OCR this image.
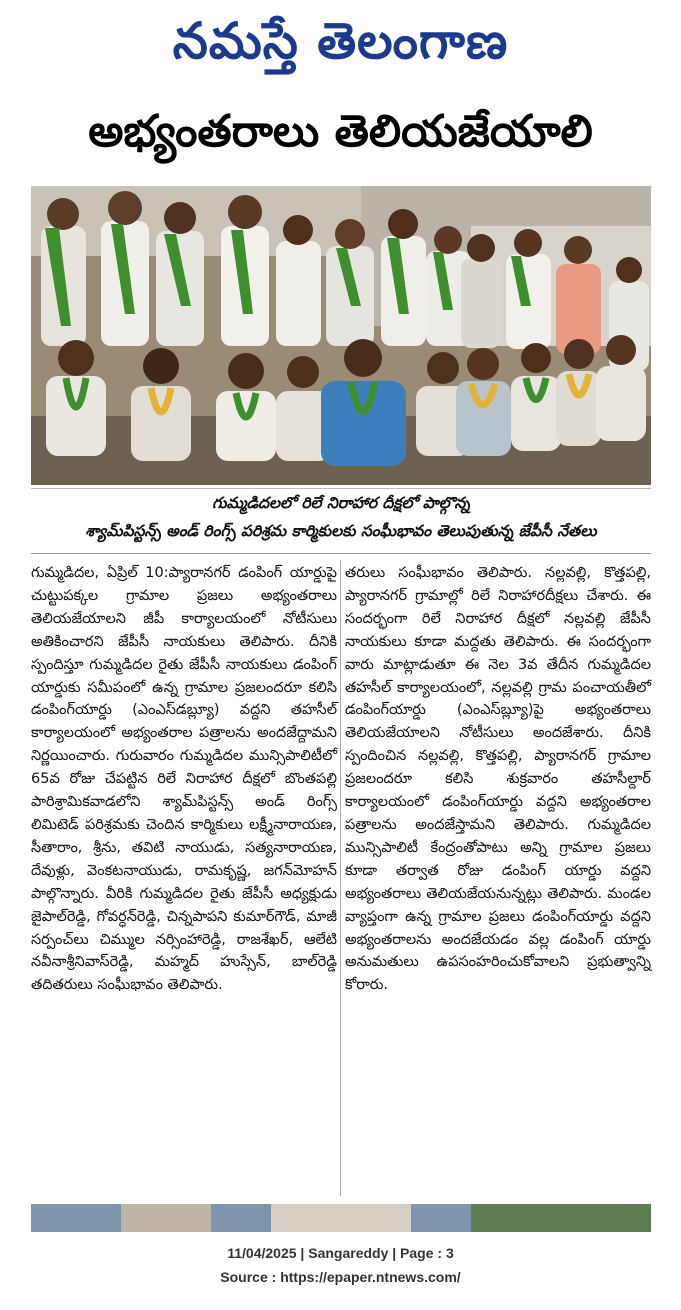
నమస్తే తెలంగాణ
అభ్యంతరాలు తెలియజేయాలి
గుమ్మడిదలలో రిలే నిరాహార దీక్షలో పాల్గొన్న
శ్యామ్‌పిస్టన్స్ అండ్ రింగ్స్ పరిశ్రమ కార్మికులకు సంఘీభావం తెలుపుతున్న జేపీసీ నేతలు

గుమ్మడిదల, ఏప్రిల్ 10:ప్యారానగర్ డంపింగ్ యార్డుపై చుట్టుపక్కల గ్రామాల ప్రజలు అభ్యంతరాలు తెలియజేయాలని జీపీ కార్యాలయంలో నోటీసులు అతికించారని జేపీసీ నాయకులు తెలిపారు. దీనికి స్పందిస్తూ గుమ్మడిదల రైతు జేపీసీ నాయకులు డంపింగ్ యార్డుకు సమీపంలో ఉన్న గ్రామాల ప్రజలందరూ కలిసి డంపింగ్‌యార్డు (ఎంఎస్‌డబ్ల్యూ) వద్దని తహసీల్ కార్యాలయంలో అభ్యంతరాల పత్రాలను అందజేద్దామని నిర్ణయించారు. గురువారం గుమ్మడిదల మున్సిపాలిటీలో 65వ రోజు చేపట్టిన రిలే నిరాహార దీక్షలో బొంతపల్లి పారిశ్రామికవాడలోని శ్యామ్‌పిస్టన్స్ అండ్ రింగ్స్ లిమిటెడ్ పరిశ్రమకు చెందిన కార్మికులు లక్ష్మీనారాయణ, సీతారాం, శ్రీను, తవిటి నాయుడు, సత్యనారాయణ, దేవుళ్లు, వెంకటనాయుడు, రామకృష్ణ, జగన్‌మోహన్ పాల్గొన్నారు. వీరికి గుమ్మడిదల రైతు జేపీసీ అధ్యక్షుడు జైపాల్‌రెడ్డి, గోవర్ధన్‌రెడ్డి, చిన్నపాపని కుమార్‌గౌడ్, మాజీ సర్పంచ్‌లు చిమ్ముల నర్సింహారెడ్డి, రాజశేఖర్, ఆలేటి నవీనాశ్రీనివాస్‌రెడ్డి, మహ్మద్ హుస్సేన్, బాల్‌రెడ్డి తదితరులు సంఘీభావం తెలిపారు.

తరులు సంఘీభావం తెలిపారు. నల్లవల్లి, కొత్తపల్లి, ప్యారానగర్ గ్రామాల్లో రిలే నిరాహారదీక్షలు చేశారు. ఈ సందర్భంగా రిలే నిరాహార దీక్షలో నల్లవల్లి జేపీసీ నాయకులు కూడా మద్దతు తెలిపారు. ఈ సందర్భంగా వారు మాట్లాడుతూ ఈ నెల 3వ తేదీన గుమ్మడిదల తహసీల్ కార్యాలయంలో, నల్లవల్లి గ్రామ పంచాయతీలో డంపింగ్‌యార్డు (ఎంఎస్‌బ్ల్యూ)పై అభ్యంతరాలు తెలియజేయాలని నోటీసులు అందజేశారు. దీనికి స్పందించిన నల్లవల్లి, కొత్తపల్లి, ప్యారానగర్ గ్రామాల ప్రజలందరూ కలిసి శుక్రవారం తహసీల్దార్ కార్యాలయంలో డంపింగ్‌యార్డు వద్దని అభ్యంతరాల పత్రాలను అందజేస్తామని తెలిపారు. గుమ్మడిదల మున్సిపాలిటీ కేంద్రంతోపాటు అన్ని గ్రామాల ప్రజలు కూడా తర్వాత రోజు డంపింగ్ యార్డు వద్దని అభ్యంతరాలు తెలియజేయనున్నట్లు తెలిపారు. మండల వ్యాప్తంగా ఉన్న గ్రామాల ప్రజలు డంపింగ్‌యార్డు వద్దని అభ్యంతరాలను అందజేయడం వల్ల డంపింగ్ యార్డు అనుమతులు ఉపసంహరించుకోవాలని ప్రభుత్వాన్ని కోరారు.

11/04/2025 | Sangareddy | Page : 3
Source : https://epaper.ntnews.com/
